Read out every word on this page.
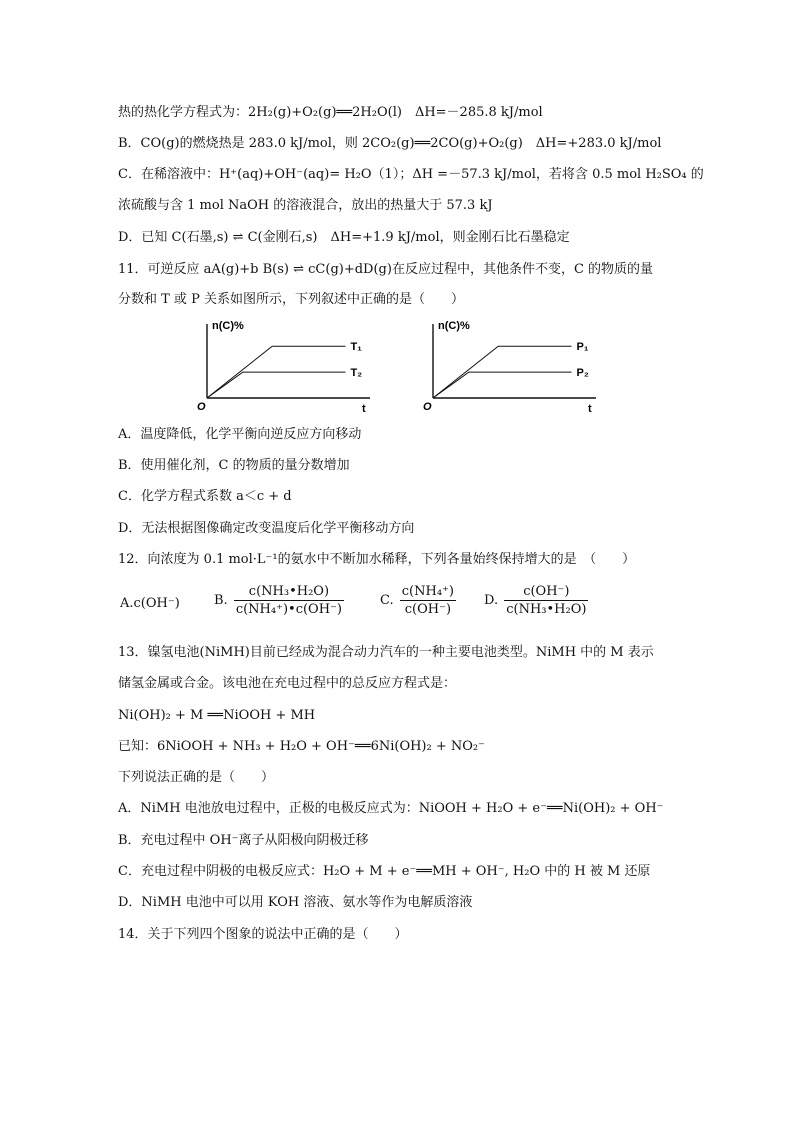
热的热化学方程式为：2H₂(g)+O₂(g)══2H₂O(l)　ΔH=－285.8 kJ/mol
B．CO(g)的燃烧热是 283.0 kJ/mol，则 2CO₂(g)══2CO(g)+O₂(g)　ΔH=+283.0 kJ/mol
C．在稀溶液中：H⁺(aq)+OH⁻(aq)= H₂O（1）；ΔH =－57.3 kJ/mol，若将含 0.5 mol H₂SO₄ 的
浓硫酸与含 1 mol NaOH 的溶液混合，放出的热量大于 57.3 kJ
D．已知 C(石墨,s) ⇌ C(金刚石,s)　ΔH=+1.9 kJ/mol，则金刚石比石墨稳定
11．可逆反应 aA(g)+b B(s) ⇌ cC(g)+dD(g)在反应过程中，其他条件不变，C 的物质的量
分数和 T 或 P 关系如图所示，下列叙述中正确的是（　　）
n(C)%
O	t
T₁
T₂
n(C)%
O	t
P₁
P₂
A．温度降低，化学平衡向逆反应方向移动
B．使用催化剂，C 的物质的量分数增加
C．化学方程式系数 a＜c + d
D．无法根据图像确定改变温度后化学平衡移动方向
12．向浓度为 0.1 mol·L⁻¹的氨水中不断加水稀释，下列各量始终保持增大的是　（　　）
A.c(OH⁻)	B. $\frac{\text{c(NH₃•H₂O)}}{\text{c(NH₄⁺)•c(OH⁻)}}$	C. $\frac{\text{c(NH₄⁺)}}{c(OH^-)} D$. $\frac{c(OH^-)}{\text{c(NH₃•H₂O)}}$
13．镍氢电池(NiMH)目前已经成为混合动力汽车的一种主要电池类型。NiMH 中的 M 表示
储氢金属或合金。该电池在充电过程中的总反应方程式是：
Ni(OH)₂ + M ══NiOOH + MH
已知：6NiOOH + NH₃ + H₂O + OH⁻══6Ni(OH)₂ + NO₂⁻
下列说法正确的是（　　）
A．NiMH 电池放电过程中，正极的电极反应式为：NiOOH + H₂O + e⁻══Ni(OH)₂ + OH⁻
B．充电过程中 OH⁻离子从阳极向阴极迁移
C．充电过程中阴极的电极反应式：H₂O + M + e⁻══MH + OH⁻, H₂O 中的 H 被 M 还原
D．NiMH 电池中可以用 KOH 溶液、氨水等作为电解质溶液
14．关于下列四个图象的说法中正确的是（　　）
